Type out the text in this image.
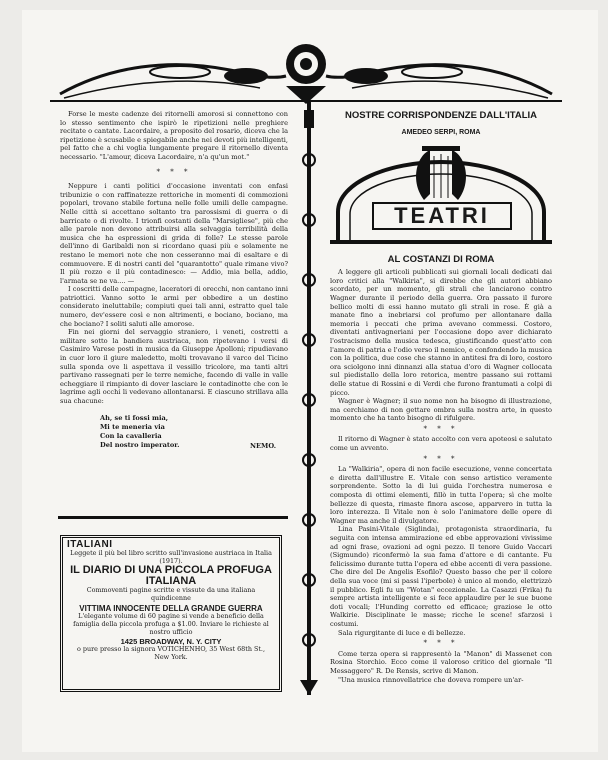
Forse le meste cadenze dei ritornelli amorosi si connettono con lo stesso sentimento che ispirò le ripetizioni nelle preghiere recitate o cantate. Lacordaire, a proposito del rosario, diceva che la ripetizione è scusabile e spiegabile anche nei devoti più intelligenti, pel fatto che a chi voglia lungamente pregare il ritornello diventa necessario. "L'amour, diceva Lacordaire, n'a qu'un mot."

* * *

Neppure i canti politici d'occasione inventati con enfasi tribunizie o con raffinatezze rettoriche in momenti di commozioni popolari, trovano stabile fortuna nelle folle umili delle campagne. Nelle città si accettano soltanto tra parossismi di guerra o di barricate o di rivolte. I trionfi costanti della "Marsigliese", più che alle parole non devono attribuirsi alla selvaggia terribilità della musica che ha espressioni di grida di folle? Le stesse parole dell'inno di Garibaldi non si ricordano quasi più e solamente ne restano le memori note che non cesseranno mai di esaltare e di commuovere. E di nostri canti del "quarantotto" quale rimane vivo? Il più rozzo e il più contadinesco: — Addio, mia bella, addio, l'armata se ne va.... —

I coscritti delle campagne, laceratori di orecchi, non cantano inni patriottici. Vanno sotto le armi per obbedire a un destino considerato ineluttabile; compiuti quei tali anni, estratto quel tale numero, dev'essere così e non altrimenti, e bociano, bociano, ma che bociano? I soliti saluti alle amorose.

Fin nei giorni del servaggio straniero, i veneti, costretti a militare sotto la bandiera austriaca, non ripetevano i versi di Casimiro Varese posti in musica da Giuseppe Apolloni; ripudiavano in cuor loro il giure maledetto, molti trovavano il varco del Ticino sulla sponda ove li aspettava il vessillo tricolore, ma tanti altri partivano rassegnati per le terre nemiche, facendo di valle in valle echeggiare il rimpianto di dover lasciare le contadinotte che con le lagrime agli occhi li vedevano allontanarsi. E ciascuno strillava alla sua chacune:

Ah, se ti fossi mia,
Mi te meneria via
Con la cavalleria
Del nostro imperator.	NEMO.
ITALIANI
Leggete il più bel libro scritto sull'invasione austriaca in Italia (1917).
IL DIARIO DI UNA PICCOLA PROFUGA ITALIANA
Commoventi pagine scritte e vissute da una italiana quindicenne
VITTIMA INNOCENTE DELLA GRANDE GUERRA
L'elegante volume di 60 pagine si vende a beneficio della famiglia della piccola profuga a $1.00. Inviare le richieste al nostro ufficio
1425 BROADWAY, N. Y. CITY
o pure presso la signora VOTICHENHO, 35 West 68th St., New York.
NOSTRE CORRISPONDENZE DALL'ITALIA
AMEDEO SERPI, ROMA
TEATRI
AL COSTANZI DI ROMA

A leggere gli articoli pubblicati sui giornali locali dedicati dai loro critici alla "Walkiria", si direbbe che gli autori abbiano scordato, per un momento, gli strali che lanciarono contro Wagner durante il periodo della guerra. Ora passato il furore bellico molti di essi hanno mutato gli strali in rose. È già a manate fino a inebriarsi col profumo per allontanare dalla memoria i peccati che prima avevano commessi. Costoro, diventati antivagneriani per l'occasione dopo aver dichiarato l'ostracismo della musica tedesca, giustificando quest'atto con l'amore di patria e l'odio verso il nemico, e confondendo la musica con la politica, due cose che stanno in antitesi fra di loro, costoro ora sciolgono inni dinnanzi alla statua d'oro di Wagner collocata sul piedistallo della loro retorica, mentre passano sui rottami delle statue di Rossini e di Verdi che furono frantumati a colpi di picco.

Wagner è Wagner; il suo nome non ha bisogno di illustrazione, ma cerchiamo di non gettare ombra sulla nostra arte, in questo momento che ha tanto bisogno di rifulgere.

* * *

Il ritorno di Wagner è stato accolto con vera apoteosi e salutato come un avvento.

* * *

La "Walkiria", opera di non facile esecuzione, venne concertata e diretta dall'illustre E. Vitale con senso artistico veramente sorprendente. Sotto la di lui guida l'orchestra numerosa e composta di ottimi elementi, fillò in tutta l'opera; sì che molte bellezze di questa, rimaste finora ascose, apparvero in tutta la loro interezza. Il Vitale non è solo l'animatore delle opere di Wagner ma anche il divulgatore.

Lina Pasini-Vitale (Siglinda), protagonista straordinaria, fu seguita con intensa ammirazione ed ebbe approvazioni vivissime ad ogni frase, ovazioni ad ogni pezzo. Il tenore Guido Vaccari (Sigmundo) riconfermò la sua fama d'attore e di cantante. Fu felicissimo durante tutta l'opera ed ebbe accenti di vera passione. Che dire del De Angelis Esofilo? Questo basso che per il colore della sua voce (mi si passi l'iperbole) è unico al mondo, elettrizzò il pubblico. Egli fu un "Wotan" eccezionale. La Casazzi (Frika) fu sempre artista intelligente e si fece applaudire per le sue buone doti vocali; l'Hunding corretto ed efficace; graziose le otto Walkirie. Disciplinate le masse; ricche le scene! sfarzosi i costumi.

Sala rigurgitante di luce e di bellezze.

* * *

Come terza opera si rappresentò la "Manon" di Massenet con Rosina Storchio. Ecco come il valoroso critico del giornale "Il Messaggero" R. De Rensis, scrive di Manon.

"Una musica rinnovellatrice che doveva rompere un'ar-
